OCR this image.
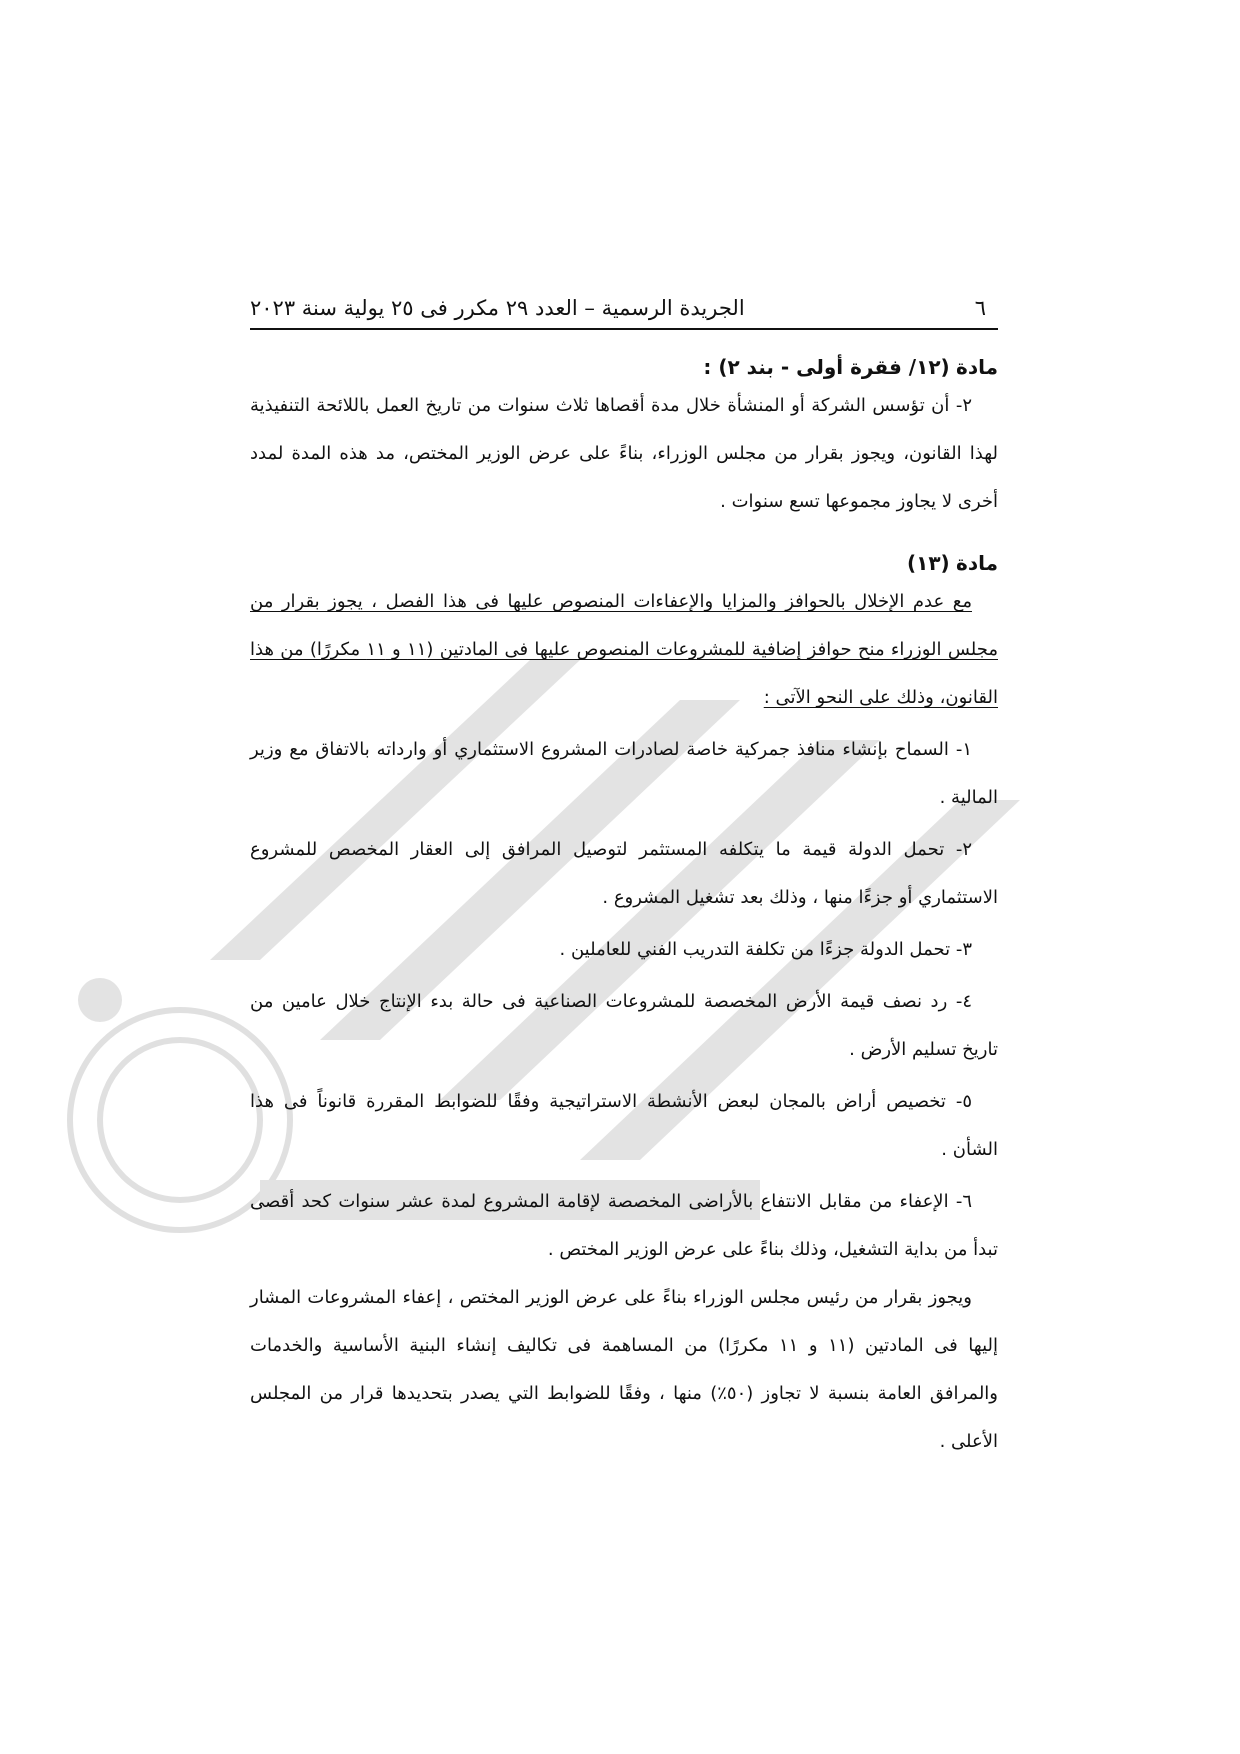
٦
الجريدة الرسمية – العدد ٢٩ مكرر فى ٢٥ يولية سنة ٢٠٢٣
مادة (١٢/ فقرة أولى - بند ٢) :
٢- أن تؤسس الشركة أو المنشأة خلال مدة أقصاها ثلاث سنوات من تاريخ العمل باللائحة التنفيذية لهذا القانون، ويجوز بقرار من مجلس الوزراء، بناءً على عرض الوزير المختص، مد هذه المدة لمدد أخرى لا يجاوز مجموعها تسع سنوات .
مادة (١٣)
مع عدم الإخلال بالحوافز والمزايا والإعفاءات المنصوص عليها فى هذا الفصل ، يجوز بقرار من مجلس الوزراء منح حوافز إضافية للمشروعات المنصوص عليها فى المادتين (١١ و ١١ مكررًا) من هذا القانون، وذلك على النحو الآتى :
١- السماح بإنشاء منافذ جمركية خاصة لصادرات المشروع الاستثماري أو وارداته بالاتفاق مع وزير المالية .
٢- تحمل الدولة قيمة ما يتكلفه المستثمر لتوصيل المرافق إلى العقار المخصص للمشروع الاستثماري أو جزءًا منها ، وذلك بعد تشغيل المشروع .
٣- تحمل الدولة جزءًا من تكلفة التدريب الفني للعاملين .
٤- رد نصف قيمة الأرض المخصصة للمشروعات الصناعية فى حالة بدء الإنتاج خلال عامين من تاريخ تسليم الأرض .
٥- تخصيص أراض بالمجان لبعض الأنشطة الاستراتيجية وفقًا للضوابط المقررة قانوناً فى هذا الشأن .
٦- الإعفاء من مقابل الانتفاع بالأراضى المخصصة لإقامة المشروع لمدة عشر سنوات كحد أقصى تبدأ من بداية التشغيل، وذلك بناءً على عرض الوزير المختص .
ويجوز بقرار من رئيس مجلس الوزراء بناءً على عرض الوزير المختص ، إعفاء المشروعات المشار إليها فى المادتين (١١ و ١١ مكررًا) من المساهمة فى تكاليف إنشاء البنية الأساسية والخدمات والمرافق العامة بنسبة لا تجاوز (٥٠٪) منها ، وفقًا للضوابط التي يصدر بتحديدها قرار من المجلس الأعلى .
